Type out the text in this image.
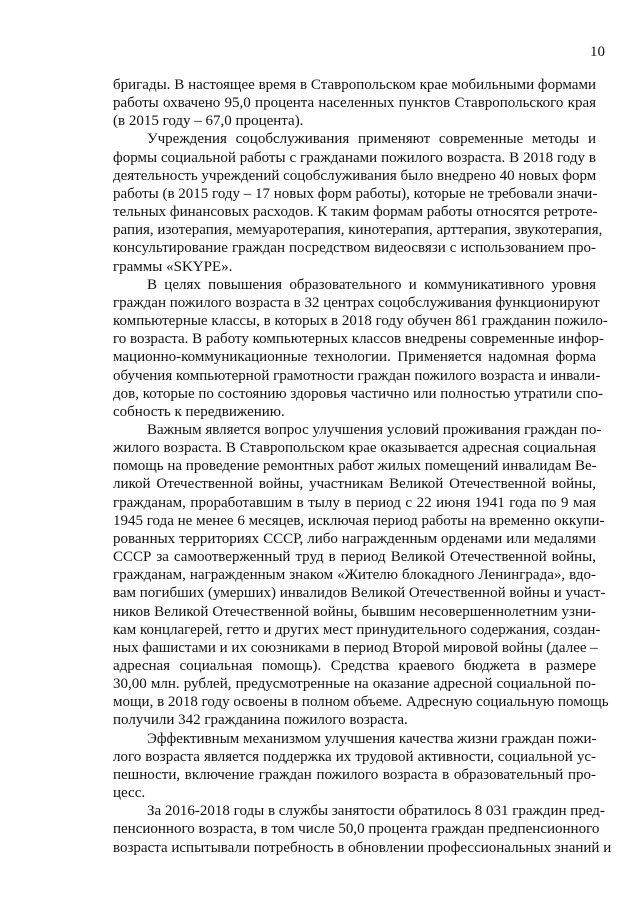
10
бригады. В настоящее время в Ставропольском крае мобильными формами
работы охвачено 95,0 процента населенных пунктов Ставропольского края
(в 2015 году – 67,0 процента).
Учреждения соцобслуживания применяют современные методы и
формы социальной работы с гражданами пожилого возраста. В 2018 году в
деятельность учреждений соцобслуживания было внедрено 40 новых форм
работы (в 2015 году – 17 новых форм работы), которые не требовали значи-
тельных финансовых расходов. К таким формам работы относятся ретроте-
рапия, изотерапия, мемуаротерапия, кинотерапия, арттерапия, звукотерапия,
консультирование граждан посредством видеосвязи с использованием про-
граммы «SKYPE».
В целях повышения образовательного и коммуникативного уровня
граждан пожилого возраста в 32 центрах соцобслуживания функционируют
компьютерные классы, в которых в 2018 году обучен 861 гражданин пожило-
го возраста. В работу компьютерных классов внедрены современные инфор-
мационно-коммуникационные технологии. Применяется надомная форма
обучения компьютерной грамотности граждан пожилого возраста и инвали-
дов, которые по состоянию здоровья частично или полностью утратили спо-
собность к передвижению.
Важным является вопрос улучшения условий проживания граждан по-
жилого возраста. В Ставропольском крае оказывается адресная социальная
помощь на проведение ремонтных работ жилых помещений инвалидам Ве-
ликой Отечественной войны, участникам Великой Отечественной войны,
гражданам, проработавшим в тылу в период с 22 июня 1941 года по 9 мая
1945 года не менее 6 месяцев, исключая период работы на временно оккупи-
рованных территориях СССР, либо награжденным орденами или медалями
СССР за самоотверженный труд в период Великой Отечественной войны,
гражданам, награжденным знаком «Жителю блокадного Ленинграда», вдо-
вам погибших (умерших) инвалидов Великой Отечественной войны и участ-
ников Великой Отечественной войны, бывшим несовершеннолетним узни-
кам концлагерей, гетто и других мест принудительного содержания, создан-
ных фашистами и их союзниками в период Второй мировой войны (далее –
адресная социальная помощь). Средства краевого бюджета в размере
30,00 млн. рублей, предусмотренные на оказание адресной социальной по-
мощи, в 2018 году освоены в полном объеме. Адресную социальную помощь
получили 342 гражданина пожилого возраста.
Эффективным механизмом улучшения качества жизни граждан пожи-
лого возраста является поддержка их трудовой активности, социальной ус-
пешности, включение граждан пожилого возраста в образовательный про-
цесс.
За 2016-2018 годы в службы занятости обратилось 8 031 граждин пред-
пенсионного возраста, в том числе 50,0 процента граждан предпенсионного
возраста испытывали потребность в обновлении профессиональных знаний и
